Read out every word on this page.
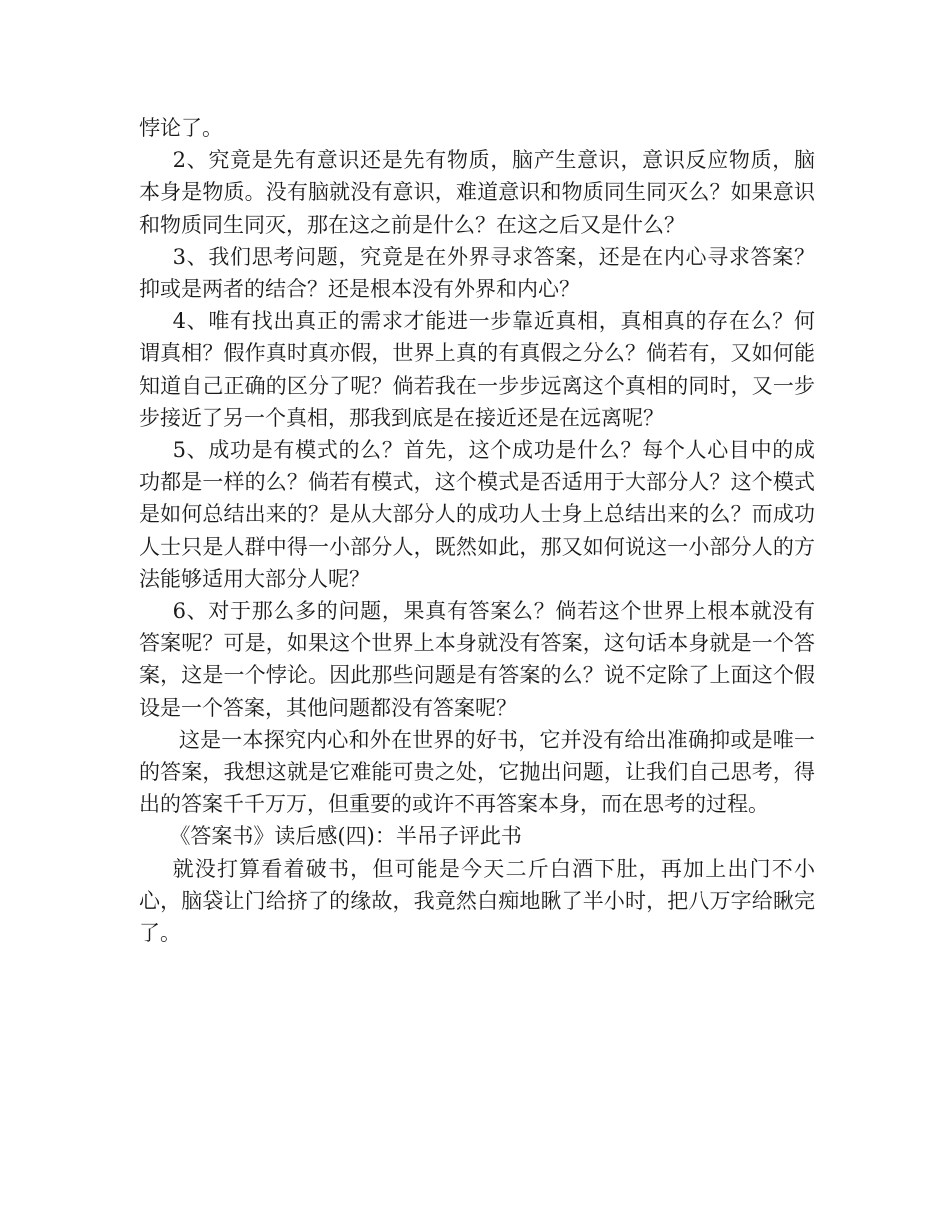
悖论了。

2、究竟是先有意识还是先有物质，脑产生意识，意识反应物质，脑本身是物质。没有脑就没有意识，难道意识和物质同生同灭么？如果意识和物质同生同灭，那在这之前是什么？在这之后又是什么？

3、我们思考问题，究竟是在外界寻求答案，还是在内心寻求答案？抑或是两者的结合？还是根本没有外界和内心？

4、唯有找出真正的需求才能进一步靠近真相，真相真的存在么？何谓真相？假作真时真亦假，世界上真的有真假之分么？倘若有，又如何能知道自己正确的区分了呢？倘若我在一步步远离这个真相的同时，又一步步接近了另一个真相，那我到底是在接近还是在远离呢？

5、成功是有模式的么？首先，这个成功是什么？每个人心目中的成功都是一样的么？倘若有模式，这个模式是否适用于大部分人？这个模式是如何总结出来的？是从大部分人的成功人士身上总结出来的么？而成功人士只是人群中得一小部分人，既然如此，那又如何说这一小部分人的方法能够适用大部分人呢？

6、对于那么多的问题，果真有答案么？倘若这个世界上根本就没有答案呢？可是，如果这个世界上本身就没有答案，这句话本身就是一个答案，这是一个悖论。因此那些问题是有答案的么？说不定除了上面这个假设是一个答案，其他问题都没有答案呢？

这是一本探究内心和外在世界的好书，它并没有给出准确抑或是唯一的答案，我想这就是它难能可贵之处，它抛出问题，让我们自己思考，得出的答案千千万万，但重要的或许不再答案本身，而在思考的过程。

《答案书》读后感(四)：半吊子评此书

就没打算看着破书，但可能是今天二斤白酒下肚，再加上出门不小心，脑袋让门给挤了的缘故，我竟然白痴地瞅了半小时，把八万字给瞅完了。
